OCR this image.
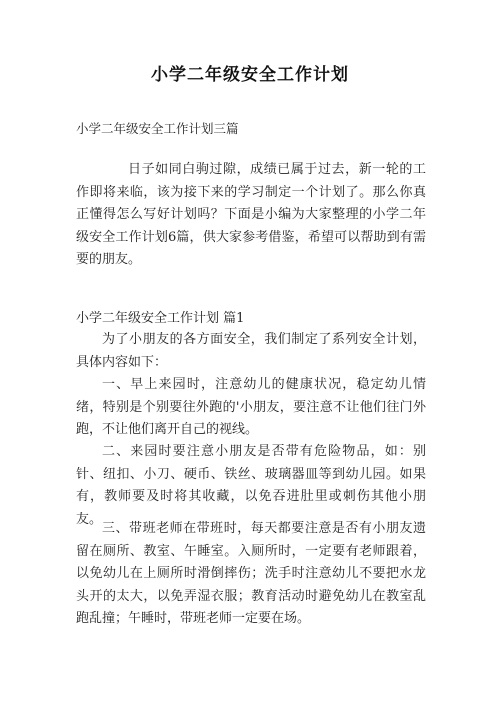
小学二年级安全工作计划
小学二年级安全工作计划三篇
日子如同白驹过隙，成绩已属于过去，新一轮的工作即将来临，该为接下来的学习制定一个计划了。那么你真正懂得怎么写好计划吗？下面是小编为大家整理的小学二年级安全工作计划6篇，供大家参考借鉴，希望可以帮助到有需要的朋友。
小学二年级安全工作计划 篇1
为了小朋友的各方面安全，我们制定了系列安全计划，具体内容如下：
一、早上来园时，注意幼儿的健康状况，稳定幼儿情绪，特别是个别要往外跑的'小朋友，要注意不让他们往门外跑，不让他们离开自己的视线。
二、来园时要注意小朋友是否带有危险物品，如：别针、纽扣、小刀、硬币、铁丝、玻璃器皿等到幼儿园。如果有，教师要及时将其收藏，以免吞进肚里或刺伤其他小朋友。
三、带班老师在带班时，每天都要注意是否有小朋友遗留在厕所、教室、午睡室。入厕所时，一定要有老师跟着，以免幼儿在上厕所时滑倒摔伤；洗手时注意幼儿不要把水龙头开的太大，以免弄湿衣服；教育活动时避免幼儿在教室乱跑乱撞；午睡时，带班老师一定要在场。
